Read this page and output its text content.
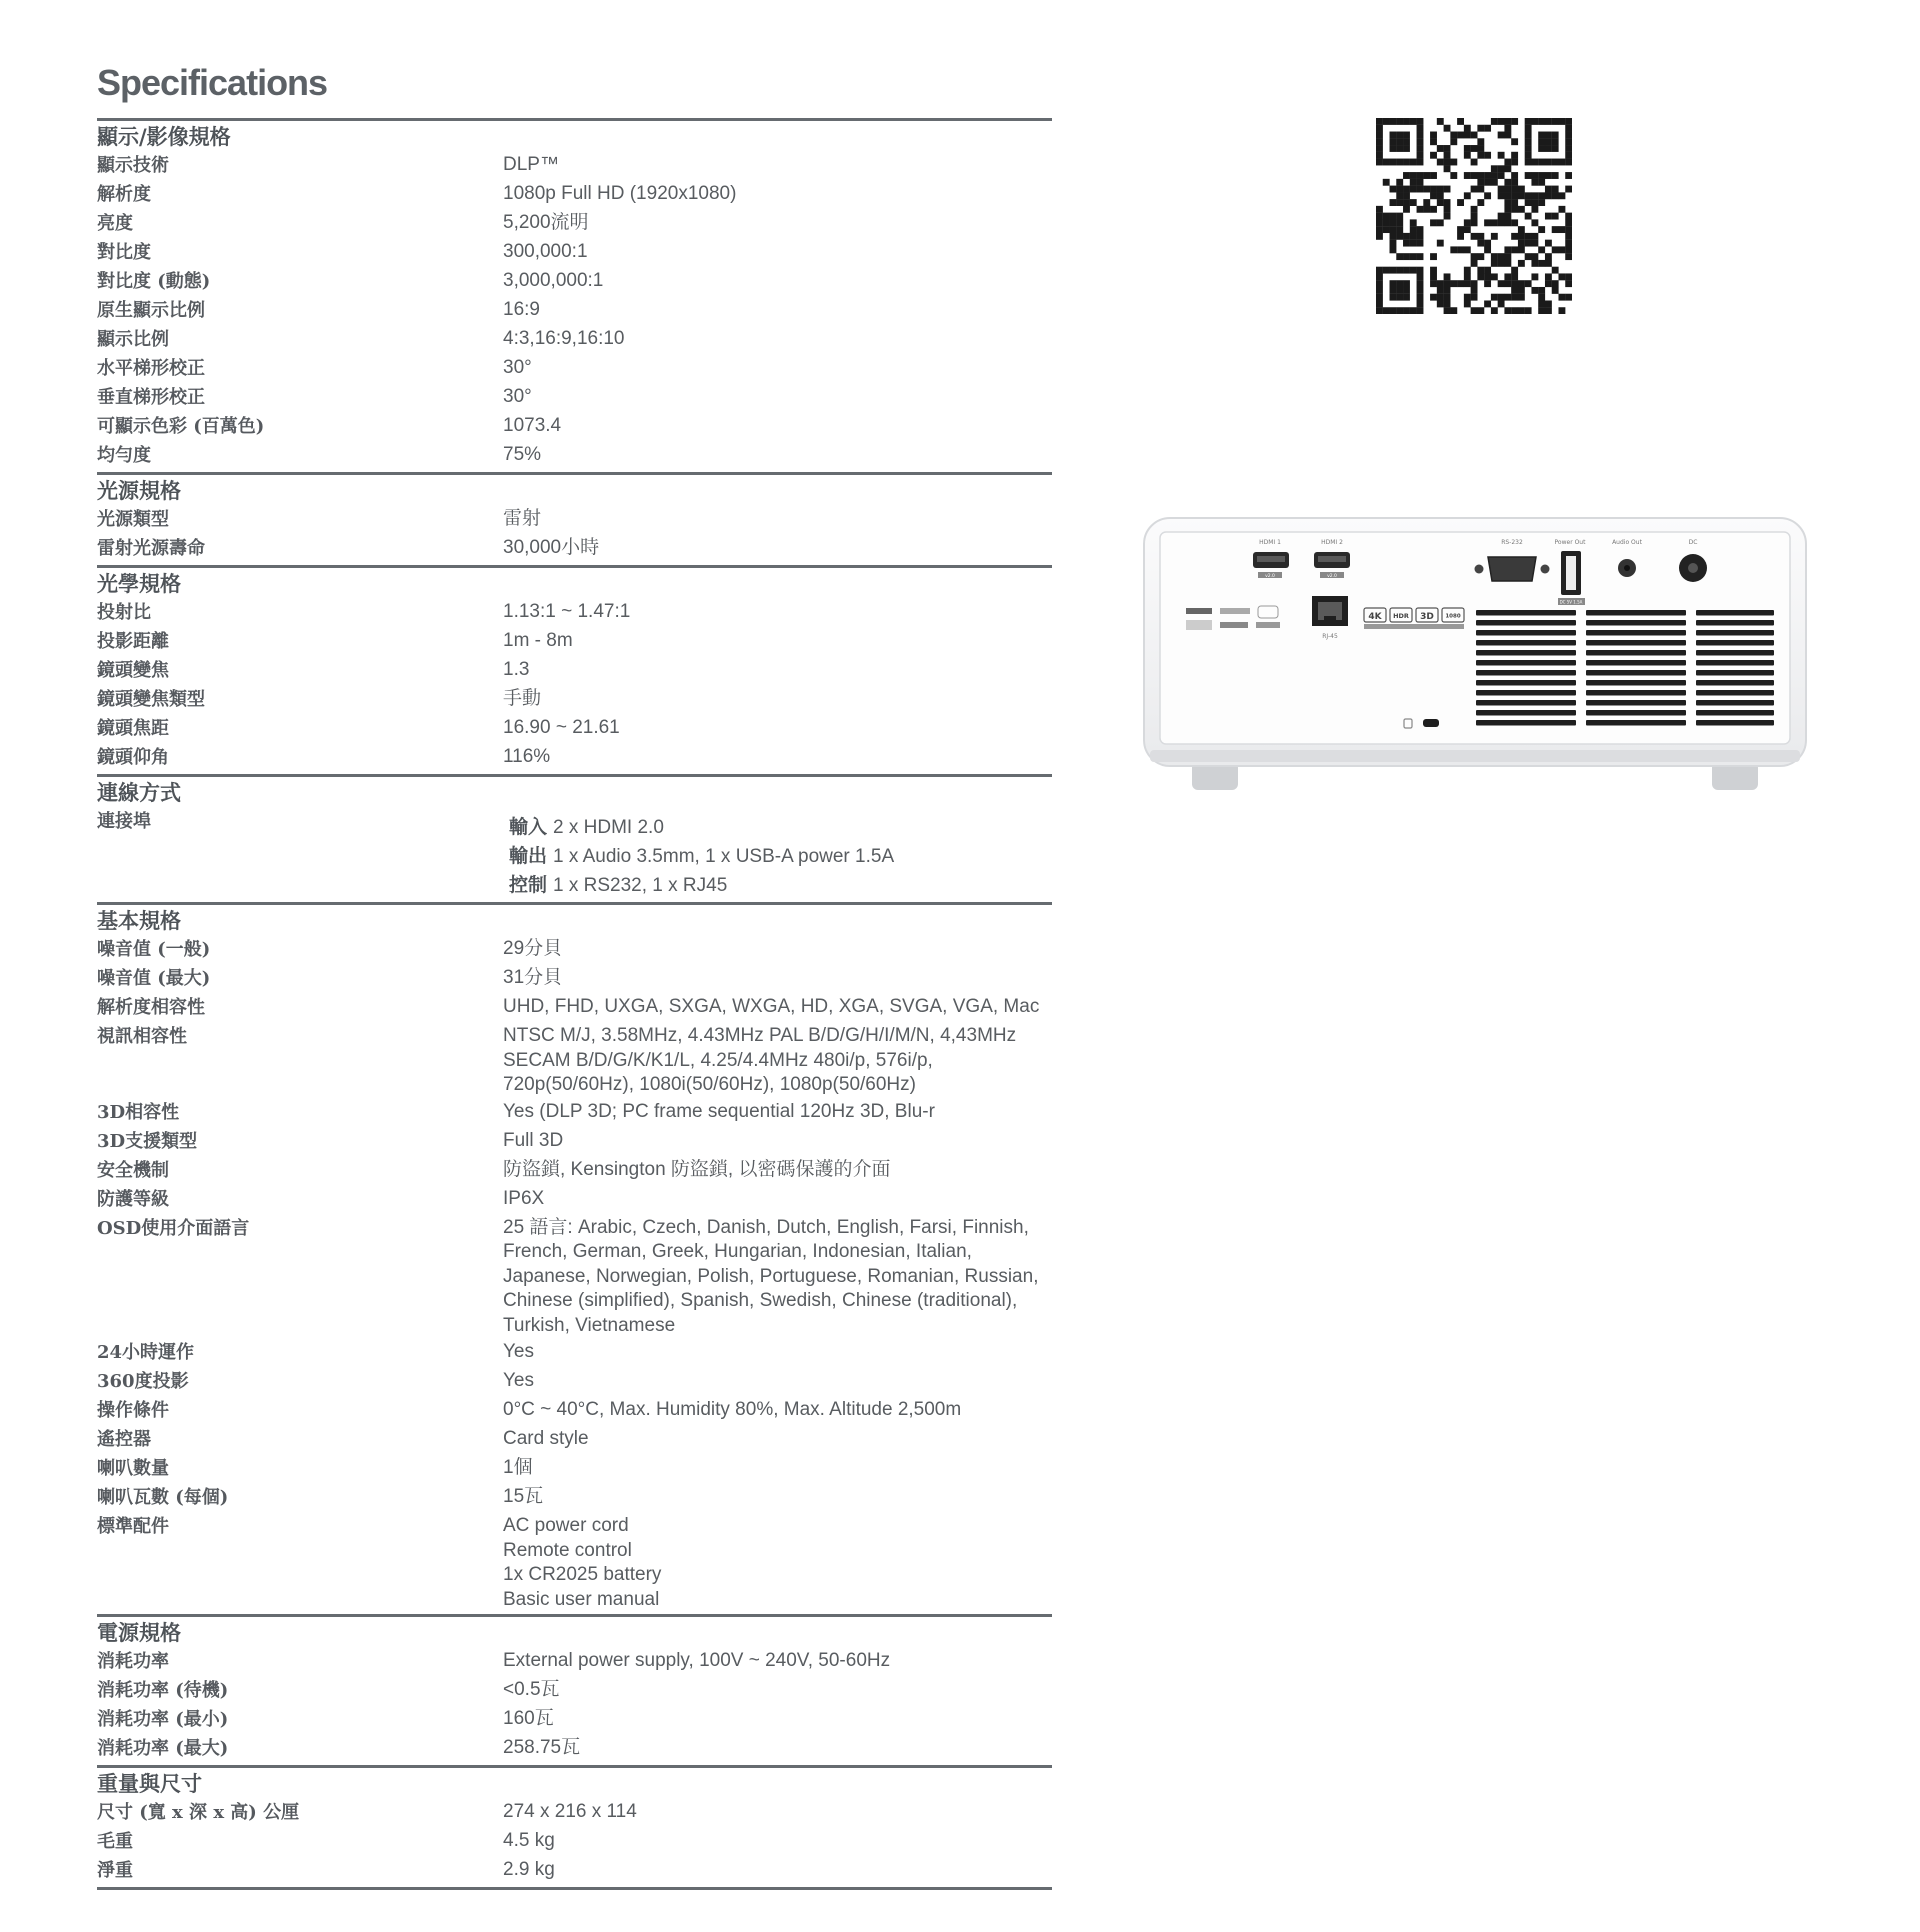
Specifications
顯示/影像規格
顯示技術	DLP™
解析度	1080p Full HD (1920x1080)
亮度	5,200流明
對比度	300,000:1
對比度 (動態)	3,000,000:1
原生顯示比例	16:9
顯示比例	4:3,16:9,16:10
水平梯形校正	30°
垂直梯形校正	30°
可顯示色彩 (百萬色)	1073.4
均勻度	75%
光源規格
光源類型	雷射
雷射光源壽命	30,000小時
光學規格
投射比	1.13:1 ~ 1.47:1
投影距離	1m - 8m
鏡頭變焦	1.3
鏡頭變焦類型	手動
鏡頭焦距	16.90 ~ 21.61
鏡頭仰角	116%
連線方式
連接埠	輸入 2 x HDMI 2.0
輸出 1 x Audio 3.5mm, 1 x USB-A power 1.5A
控制 1 x RS232, 1 x RJ45
基本規格
噪音值 (一般)	29分貝
噪音值 (最大)	31分貝
解析度相容性	UHD, FHD, UXGA, SXGA, WXGA, HD, XGA, SVGA, VGA, Mac
視訊相容性	NTSC M/J, 3.58MHz, 4.43MHz PAL B/D/G/H/I/M/N, 4,43MHz SECAM B/D/G/K/K1/L, 4.25/4.4MHz 480i/p, 576i/p, 720p(50/60Hz), 1080i(50/60Hz), 1080p(50/60Hz)
3D相容性	Yes (DLP 3D; PC frame sequential 120Hz 3D, Blu-r
3D支援類型	Full 3D
安全機制	防盜鎖, Kensington 防盜鎖, 以密碼保護的介面
防護等級	IP6X
OSD使用介面語言	25 語言: Arabic, Czech, Danish, Dutch, English, Farsi, Finnish, French, German, Greek, Hungarian, Indonesian, Italian, Japanese, Norwegian, Polish, Portuguese, Romanian, Russian, Chinese (simplified), Spanish, Swedish, Chinese (traditional), Turkish, Vietnamese
24小時運作	Yes
360度投影	Yes
操作條件	0°C ~ 40°C, Max. Humidity 80%, Max. Altitude 2,500m
遙控器	Card style
喇叭數量	1個
喇叭瓦數 (每個)	15瓦
標準配件	AC power cord
Remote control
1x CR2025 battery
Basic user manual
電源規格
消耗功率	External power supply, 100V ~ 240V, 50-60Hz
消耗功率 (待機)	<0.5瓦
消耗功率 (最小)	160瓦
消耗功率 (最大)	258.75瓦
重量與尺寸
尺寸 (寬 x 深 x 高) 公厘	274 x 216 x 114
毛重	4.5 kg
淨重	2.9 kg
HDMI 1	HDMI 2	RS-232	Power Out	Audio Out	DC
RJ-45
v2.0	v2.0
DC 5V 1.5A
4K HDR 3D 1080
